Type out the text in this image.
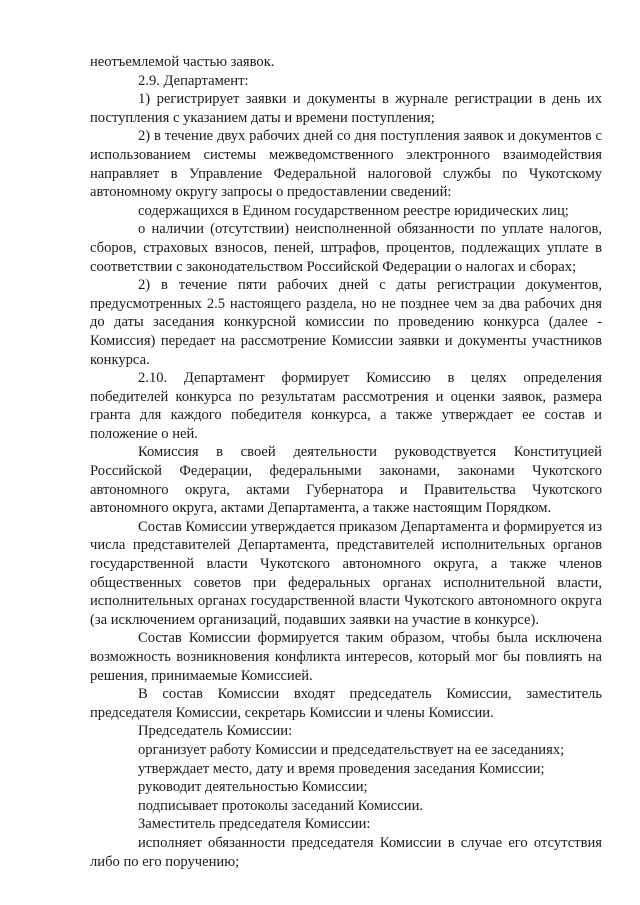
неотъемлемой частью заявок.

2.9. Департамент:

1) регистрирует заявки и документы в журнале регистрации в день их поступления с указанием даты и времени поступления;

2) в течение двух рабочих дней со дня поступления заявок и документов с использованием системы межведомственного электронного взаимодействия направляет в Управление Федеральной налоговой службы по Чукотскому автономному округу запросы о предоставлении сведений:

содержащихся в Едином государственном реестре юридических лиц;

о наличии (отсутствии) неисполненной обязанности по уплате налогов, сборов, страховых взносов, пеней, штрафов, процентов, подлежащих уплате в соответствии с законодательством Российской Федерации о налогах и сборах;

2) в течение пяти рабочих дней с даты регистрации документов, предусмотренных 2.5 настоящего раздела, но не позднее чем за два рабочих дня до даты заседания конкурсной комиссии по проведению конкурса (далее - Комиссия) передает на рассмотрение Комиссии заявки и документы участников конкурса.

2.10. Департамент формирует Комиссию в целях определения победителей конкурса по результатам рассмотрения и оценки заявок, размера гранта для каждого победителя конкурса, а также утверждает ее состав и положение о ней.

Комиссия в своей деятельности руководствуется Конституцией Российской Федерации, федеральными законами, законами Чукотского автономного округа, актами Губернатора и Правительства Чукотского автономного округа, актами Департамента, а также настоящим Порядком.

Состав Комиссии утверждается приказом Департамента и формируется из числа представителей Департамента, представителей исполнительных органов государственной власти Чукотского автономного округа, а также членов общественных советов при федеральных органах исполнительной власти, исполнительных органах государственной власти Чукотского автономного округа (за исключением организаций, подавших заявки на участие в конкурсе).

Состав Комиссии формируется таким образом, чтобы была исключена возможность возникновения конфликта интересов, который мог бы повлиять на решения, принимаемые Комиссией.

В состав Комиссии входят председатель Комиссии, заместитель председателя Комиссии, секретарь Комиссии и члены Комиссии.

Председатель Комиссии:

организует работу Комиссии и председательствует на ее заседаниях;

утверждает место, дату и время проведения заседания Комиссии;

руководит деятельностью Комиссии;

подписывает протоколы заседаний Комиссии.

Заместитель председателя Комиссии:

исполняет обязанности председателя Комиссии в случае его отсутствия либо по его поручению;
